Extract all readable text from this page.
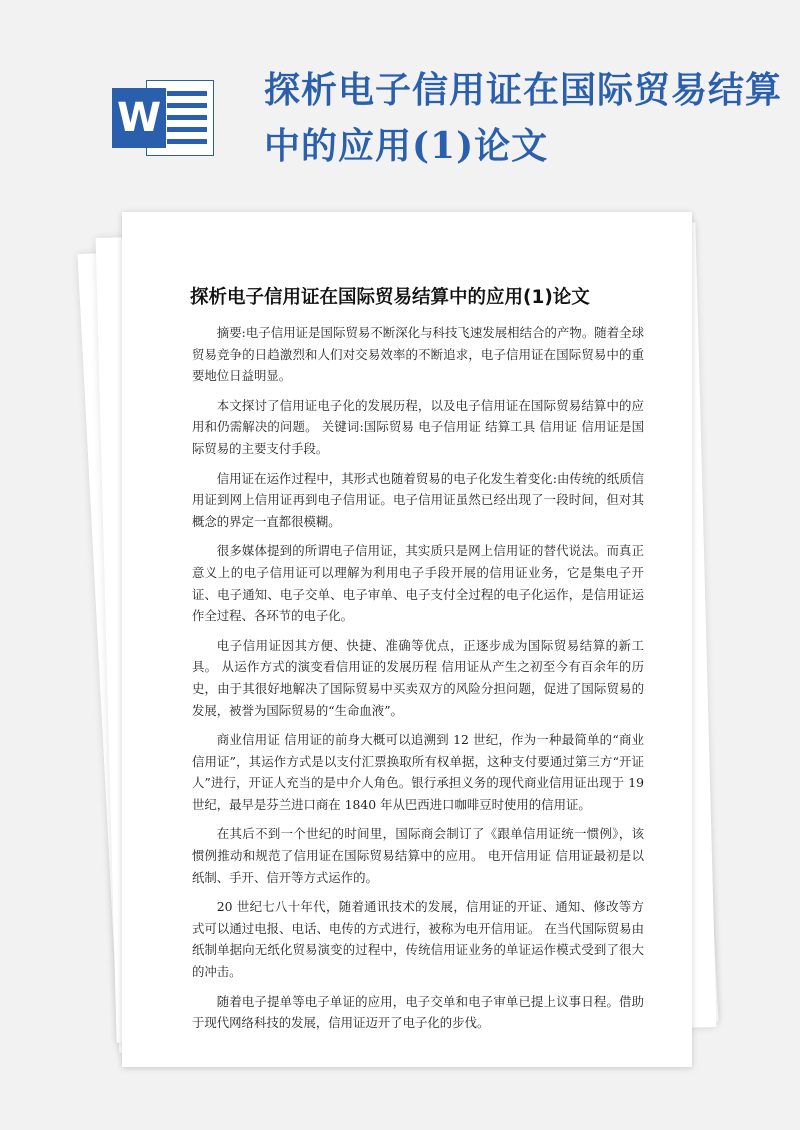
W
探析电子信用证在国际贸易结算中的应用(1)论文
探析电子信用证在国际贸易结算中的应用(1)论文

摘要:电子信用证是国际贸易不断深化与科技飞速发展相结合的产物。随着全球贸易竞争的日趋激烈和人们对交易效率的不断追求，电子信用证在国际贸易中的重要地位日益明显。

本文探讨了信用证电子化的发展历程，以及电子信用证在国际贸易结算中的应用和仍需解决的问题。 关键词:国际贸易 电子信用证 结算工具 信用证 信用证是国际贸易的主要支付手段。

信用证在运作过程中，其形式也随着贸易的电子化发生着变化:由传统的纸质信用证到网上信用证再到电子信用证。电子信用证虽然已经出现了一段时间，但对其概念的界定一直都很模糊。

很多媒体提到的所谓电子信用证，其实质只是网上信用证的替代说法。而真正意义上的电子信用证可以理解为利用电子手段开展的信用证业务，它是集电子开证、电子通知、电子交单、电子审单、电子支付全过程的电子化运作，是信用证运作全过程、各环节的电子化。

电子信用证因其方便、快捷、准确等优点，正逐步成为国际贸易结算的新工具。 从运作方式的演变看信用证的发展历程 信用证从产生之初至今有百余年的历史，由于其很好地解决了国际贸易中买卖双方的风险分担问题，促进了国际贸易的发展，被誉为国际贸易的“生命血液”。

商业信用证 信用证的前身大概可以追溯到 12 世纪，作为一种最简单的“商业信用证”，其运作方式是以支付汇票换取所有权单据，这种支付要通过第三方“开证人”进行，开证人充当的是中介人角色。银行承担义务的现代商业信用证出现于 19 世纪，最早是芬兰进口商在 1840 年从巴西进口咖啡豆时使用的信用证。

在其后不到一个世纪的时间里，国际商会制订了《跟单信用证统一惯例》，该惯例推动和规范了信用证在国际贸易结算中的应用。 电开信用证 信用证最初是以纸制、手开、信开等方式运作的。

20 世纪七八十年代，随着通讯技术的发展，信用证的开证、通知、修改等方式可以通过电报、电话、电传的方式进行，被称为电开信用证。 在当代国际贸易由纸制单据向无纸化贸易演变的过程中，传统信用证业务的单证运作模式受到了很大的冲击。

随着电子提单等电子单证的应用，电子交单和电子审单已提上议事日程。借助于现代网络科技的发展，信用证迈开了电子化的步伐。
